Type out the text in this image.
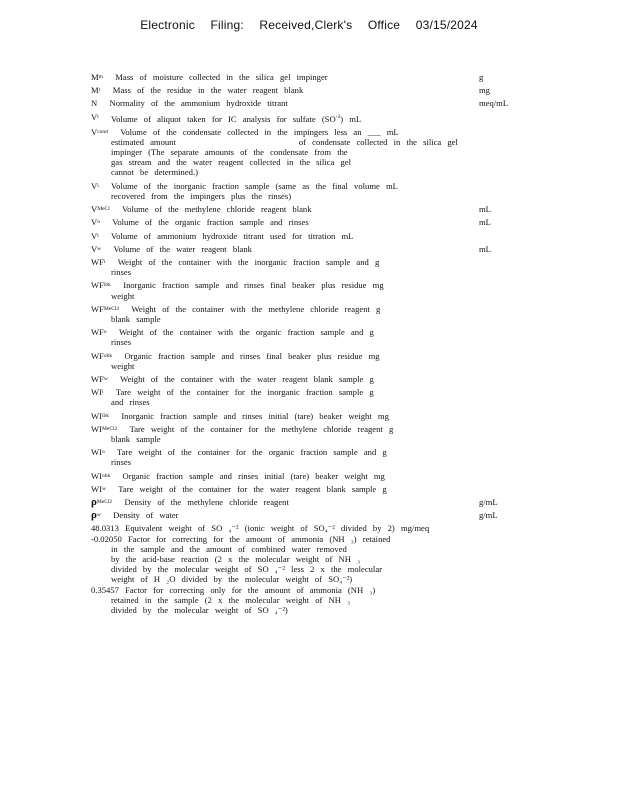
Electronic Filing: Received,Clerk's Office 03/15/2024
M m Mass of moisture collected in the silica gel impinger	g
M r Mass of the residue in the water reagent blank	mg
N Normality of the ammonium hydroxide titrant	meq/mL
V t Volume of aliquot taken for IC analysis for sulfate $(SO^{-2})$ mL
V cond Volume of the condensate collected in the impingers less an ___ mL
estimated amount                    of condensate collected in the silica gel
impinger (The separate amounts of the condensate from the
gas stream and the water reagent collected in the silica gel
cannot be determined.)
V i Volume of the inorganic fraction sample (same as the final volume mL
recovered from the impingers plus the rinses)
V MeCl Volume of the methylene chloride reagent blank	mL
V o Volume of the organic fraction sample and rinses	mL
V t Volume of ammonium hydroxide titrant used for titration mL
V w Volume of the water reagent blank	mL
WF i Weight of the container with the inorganic fraction sample and g
rinses
WF ibk Inorganic fraction sample and rinses final beaker plus residue mg
weight
WF MeCl2 Weight of the container with the methylene chloride reagent g
blank sample
WF o Weight of the container with the organic fraction sample and g
rinses
WF obk Organic fraction sample and rinses final beaker plus residue mg
weight
WF w Weight of the container with the water reagent blank sample g
WI i Tare weight of the container for the inorganic fraction sample g
and rinses
WI ibk Inorganic fraction sample and rinses initial (tare) beaker weight mg
WI MeCl2 Tare weight of the container for the methylene chloride reagent g
blank sample
WI o Tare weight of the container for the organic fraction sample and g
rinses
WI obk Organic fraction sample and rinses initial (tare) beaker weight mg
WI w Tare weight of the container for the water reagent blank sample g
ρ MeCl2 Density of the methylene chloride reagent	g/mL
ρ w Density of water	g/mL
48.0313 Equivalent weight of SO ₄⁻² (ionic weight of SO₄⁻² divided by 2) mg/meq
-0.02050 Factor for correcting for the amount of ammonia (NH ₃) retained
in the sample and the amount of combined water removed
by the acid-base reaction (2 x the molecular weight of NH ₃
divided by the molecular weight of SO ₄⁻² less 2 x the molecular
weight of H ₂O divided by the molecular weight of SO₄⁻²)
0.35457 Factor for correcting only for the amount of ammonia (NH ₃)
retained in the sample (2 x the molecular weight of NH ₃
divided by the molecular weight of SO ₄⁻²)
